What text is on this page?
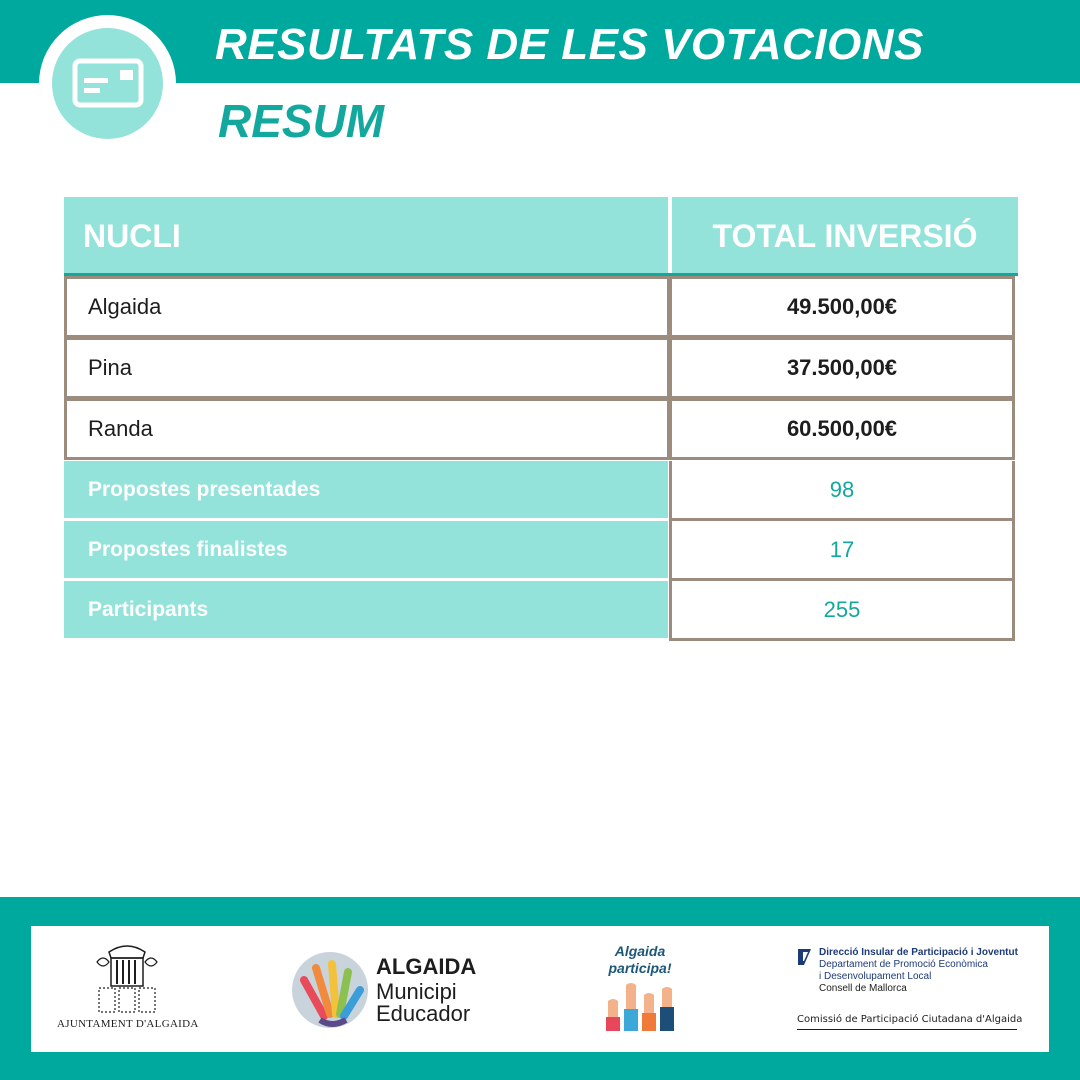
RESULTATS DE LES VOTACIONS
RESUM
NUCLI	TOTAL INVERSIÓ
Algaida	49.500,00€
Pina	37.500,00€
Randa	60.500,00€
Propostes presentades	98
Propostes finalistes	17
Participants	255
AJUNTAMENT D'ALGAIDA
ALGAIDA
Municipi
Educador
Algaida
participa!
Direcció Insular de Participació i Joventut
Departament de Promoció Econòmica
i Desenvolupament Local
Consell de Mallorca
Comissió de Participació Ciutadana d'Algaida
